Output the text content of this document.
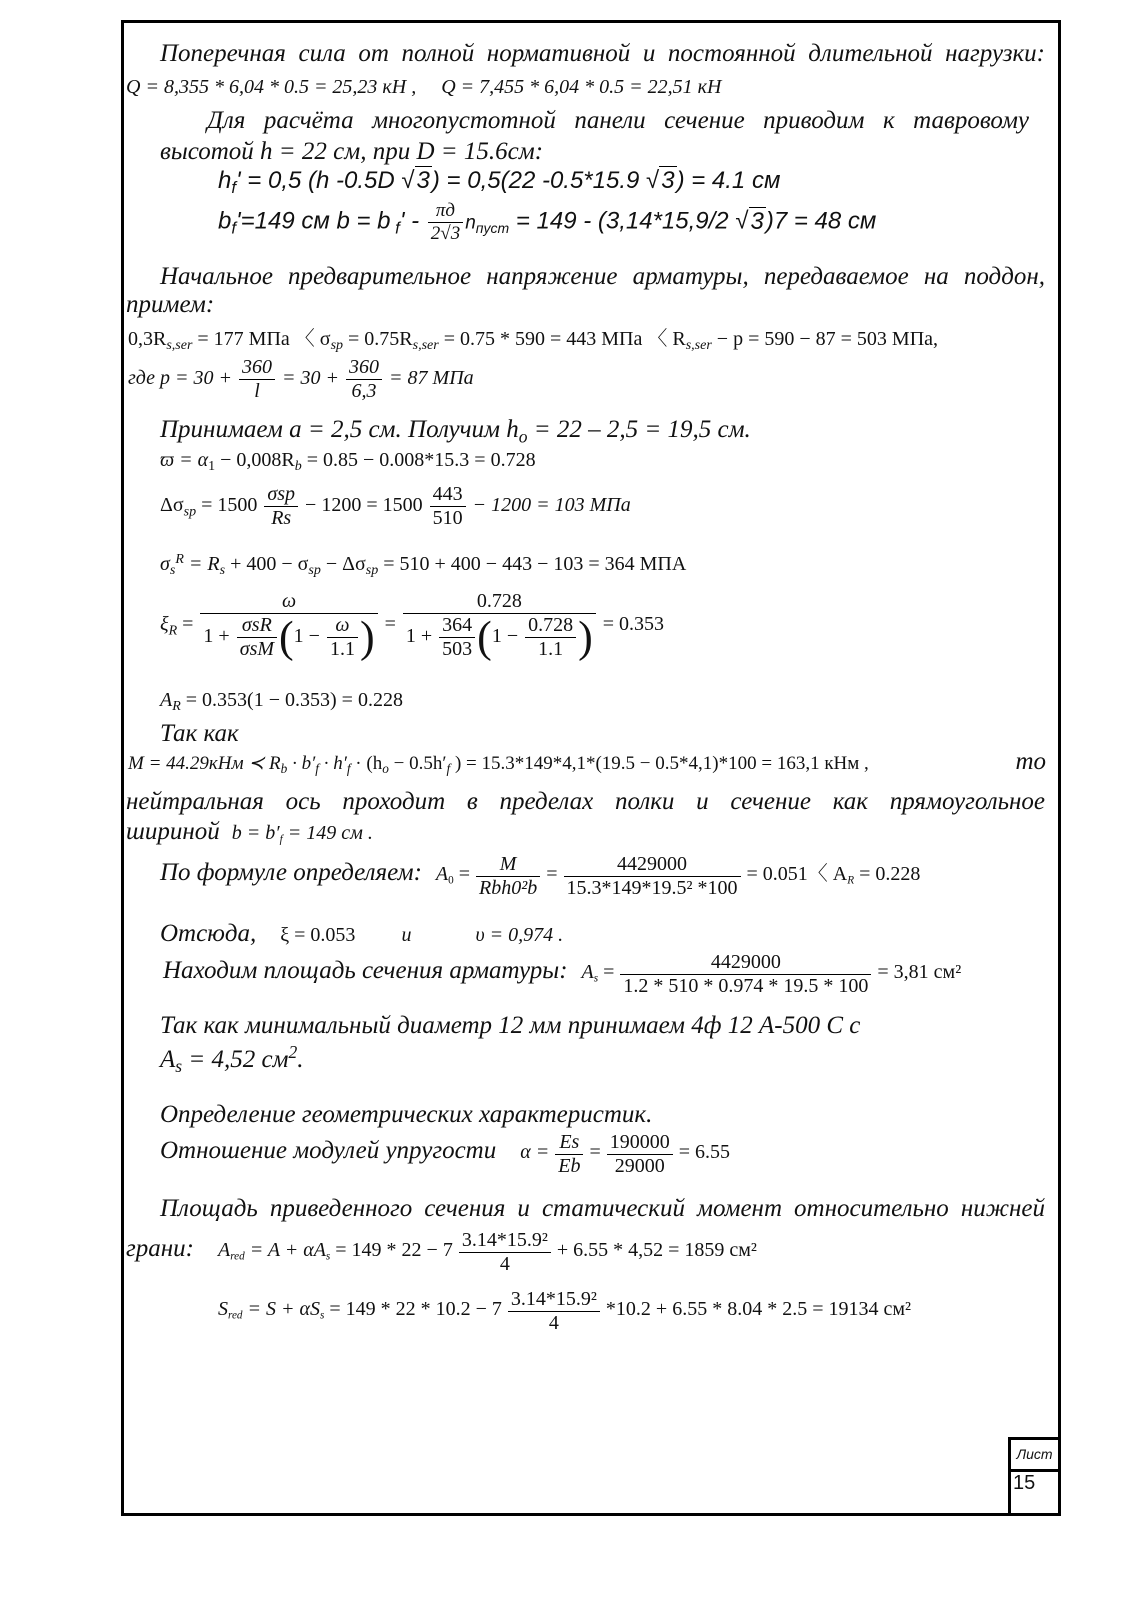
Поперечная сила от полной нормативной и постоянной длительной нагрузки:
Q = 8,355 * 6,04 * 0.5 = 25,23 кН , Q = 7,455 * 6,04 * 0.5 = 22,51 кН
Для расчёта многопустотной панели сечение приводим к тавровому
высотой h = 22 см, при D = 15.6см:
$h_f' = 0,5$ (h -0.5D √3) = 0,5(22 -0.5*15.9 √3) = 4.1 см
$b_f'=149$ см b = b $_f' - \frac{\pi д}{2√3} n_{пуст} = 149 - (3,14*15,9/2$ √3)7 = 48 см
Начальное предварительное напряжение арматуры, передаваемое на поддон,
примем:
$0,3R_{s,ser} = 177$ МПа 〈 $\sigma_{sp} = 0.75R_{s,ser} = 0.75 * 590 = 443$ МПа 〈 $R_{s,ser} - p = 590 - 87 = 503$ МПа,
где $p = 30 + \frac{360}{l} = 30 + \frac{360}{6,3} = 87$ МПа
Принимаем a = 2,5 см. Получим $h_о = 22 - 2,5 = 19,5$ см.
$ϖ = \alpha_1 - 0,008R_b = 0.85 - 0.008*15.3 = 0.728$
$\Delta\sigma_{sp} = 1500 \frac{\text{σsp}}{Rs} - 1200 = 1500 \frac{443}{510} - 1200 = 103$ МПа
$\sigma_s^R = R_s + 400 - \sigma_{sp} - \Delta\sigma_{sp} = 510 + 400 - 443 - 103 = 364$ МПА
$\xi_R = \frac{\omega}{1 + \frac{\text{σsR}}{\text{σsM}} (1 - \frac{\omega}{1.1} )} = \frac{0.728}{1 + \frac{364}{503} (1 - \frac{0.728}{1.1} )} = 0.353$
$A_R = 0.353(1 - 0.353) = 0.228$
Так как
M = 44.29кНм ≺ $R_b \cdot b'_f \cdot h'_f \cdot (h_o - 0.5h'_f$ ) = 15.3*149*4,1*(19.5 − 0.5*4,1)*100 = 163,1 кНм ,	то
нейтральная ось проходит в пределах полки и сечение как прямоугольное
шириной $b = b'_f = 149$ см .
По формуле определяем: $A_0 = \frac{M}{\text{Rbh0²b}} = \frac{4429000}{\text{15.3*149*19.5² *100}} = 0.051$〈 $A_R = 0.228$
Отсюда, ξ = 0.053 и	υ = 0,974 .
Находим площадь сечения арматуры: $A_s = \frac{4429000}{1.2 * 510 * 0.974 * 19.5 * 100} = 3,81$ см²
Так как минимальный диаметр 12 мм принимаем 4ф 12 А-500 С с
$A_s = 4,52$ $см^2$.
Определение геометрических характеристик.
Отношение модулей упругости $\alpha = \frac{Es}{Eb} = \frac{190000}{29000} = 6.55$
Площадь приведенного сечения и статический момент относительно нижней
грани: $A_{red} = A + \alpha A_s = 149 * 22 - 7 \frac{\text{3.14*15.9²}}{4} + 6.55 * 4,52 = 1859$ см²
$S_{red} = S + \alpha S_s = 149 * 22 * 10.2 - 7 \frac{\text{3.14*15.9²}}{4} *10.2 + 6.55 * 8.04 * 2.5 = 19134$ см²
Лист
15
